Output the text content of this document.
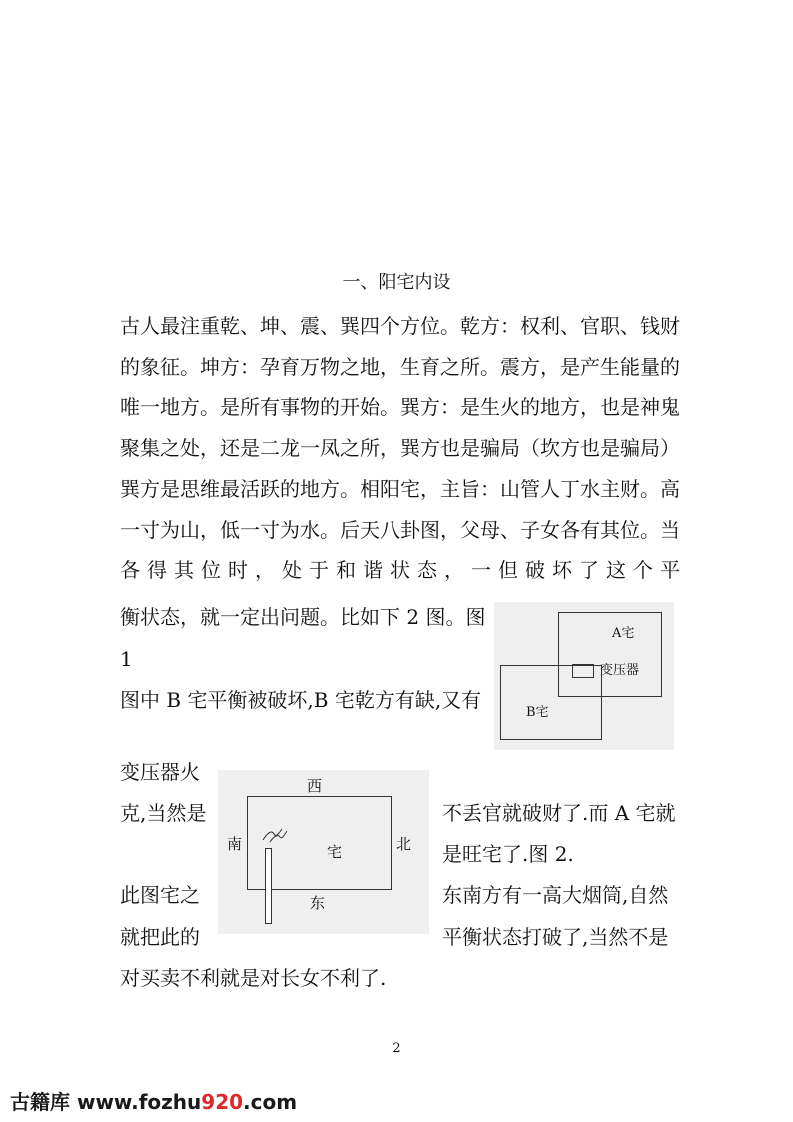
一、阳宅内设

古人最注重乾、坤、震、巽四个方位。乾方：权利、官职、钱财的象征。坤方：孕育万物之地，生育之所。震方，是产生能量的唯一地方。是所有事物的开始。巽方：是生火的地方，也是神鬼聚集之处，还是二龙一凤之所，巽方也是骗局（坎方也是骗局）巽方是思维最活跃的地方。相阳宅，主旨：山管人丁水主财。高一寸为山，低一寸为水。后天八卦图，父母、子女各有其位。当各得其位时，处于和谐状态，一但破坏了这个平

衡状态，就一定出问题。比如下 2 图。图
1
图中 B 宅平衡被破坏,B 宅乾方有缺,又有
变压器火
克,当然是	不丢官就破财了.而 A 宅就
是旺宅了.图 2.
此图宅之	东南方有一高大烟筒,自然
就把此的	平衡状态打破了,当然不是
对买卖不利就是对长女不利了.
A宅
变压器
B宅
西
南	北
宅
东
2
古籍库 www.fozhu920.com
